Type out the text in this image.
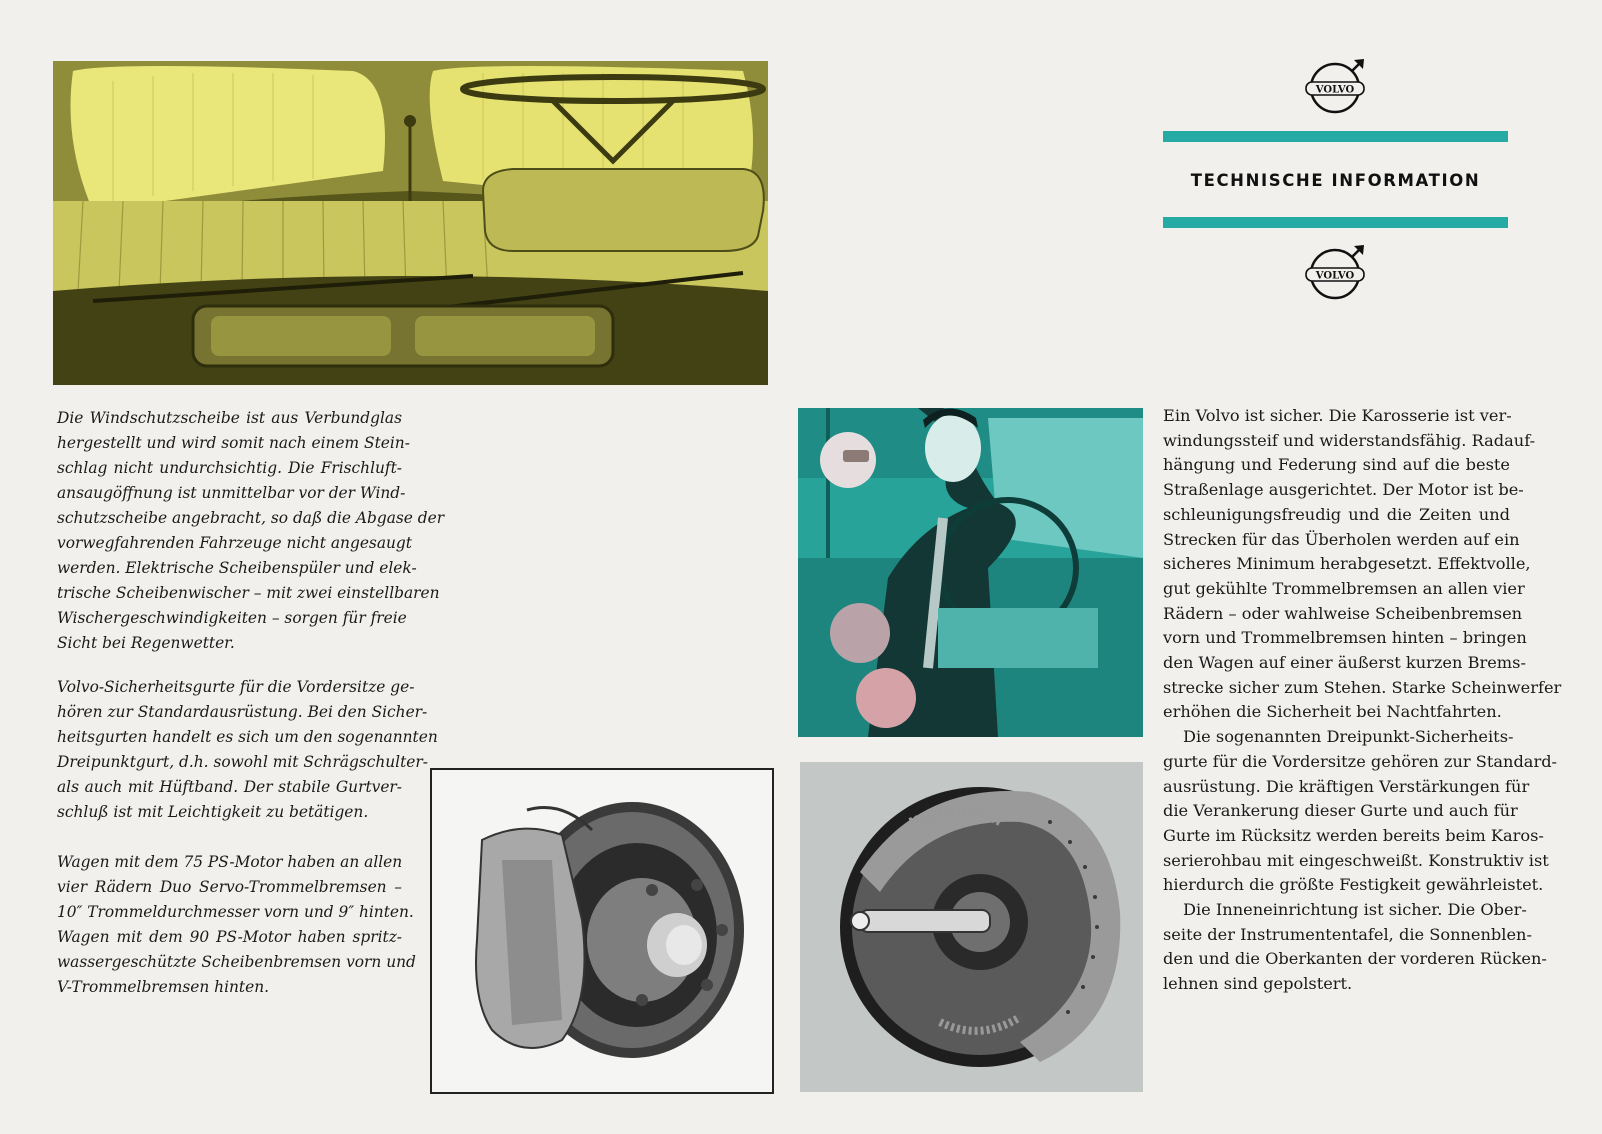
Die Windschutzscheibe ist aus Verbundglas
hergestellt und wird somit nach einem Stein-
schlag nicht undurchsichtig. Die Frischluft-
ansaugöffnung ist unmittelbar vor der Wind-
schutzscheibe angebracht, so daß die Abgase der
vorwegfahrenden Fahrzeuge nicht angesaugt
werden. Elektrische Scheibenspüler und elek-
trische Scheibenwischer – mit zwei einstellbaren
Wischergeschwindigkeiten – sorgen für freie
Sicht bei Regenwetter.
Volvo-Sicherheitsgurte für die Vordersitze ge-
hören zur Standardausrüstung. Bei den Sicher-
heitsgurten handelt es sich um den sogenannten
Dreipunktgurt, d.h. sowohl mit Schrägschulter-
als auch mit Hüftband. Der stabile Gurtver-
schluß ist mit Leichtigkeit zu betätigen.
Wagen mit dem 75 PS-Motor haben an allen
vier Rädern Duo Servo-Trommelbremsen –
10″ Trommeldurchmesser vorn und 9″ hinten.
Wagen mit dem 90 PS-Motor haben spritz-
wassergeschützte Scheibenbremsen vorn und
V-Trommelbremsen hinten.
VOLVO
TECHNISCHE INFORMATION
VOLVO
Ein Volvo ist sicher. Die Karosserie ist ver-
windungssteif und widerstandsfähig. Radauf-
hängung und Federung sind auf die beste
Straßenlage ausgerichtet. Der Motor ist be-
schleunigungsfreudig und die Zeiten und
Strecken für das Überholen werden auf ein
sicheres Minimum herabgesetzt. Effektvolle,
gut gekühlte Trommelbremsen an allen vier
Rädern – oder wahlweise Scheibenbremsen
vorn und Trommelbremsen hinten – bringen
den Wagen auf einer äußerst kurzen Brems-
strecke sicher zum Stehen. Starke Scheinwerfer
erhöhen die Sicherheit bei Nachtfahrten.
Die sogenannten Dreipunkt-Sicherheits-
gurte für die Vordersitze gehören zur Standard-
ausrüstung. Die kräftigen Verstärkungen für
die Verankerung dieser Gurte und auch für
Gurte im Rücksitz werden bereits beim Karos-
serierohbau mit eingeschweißt. Konstruktiv ist
hierdurch die größte Festigkeit gewährleistet.
Die Inneneinrichtung ist sicher. Die Ober-
seite der Instrumententafel, die Sonnenblen-
den und die Oberkanten der vorderen Rücken-
lehnen sind gepolstert.
